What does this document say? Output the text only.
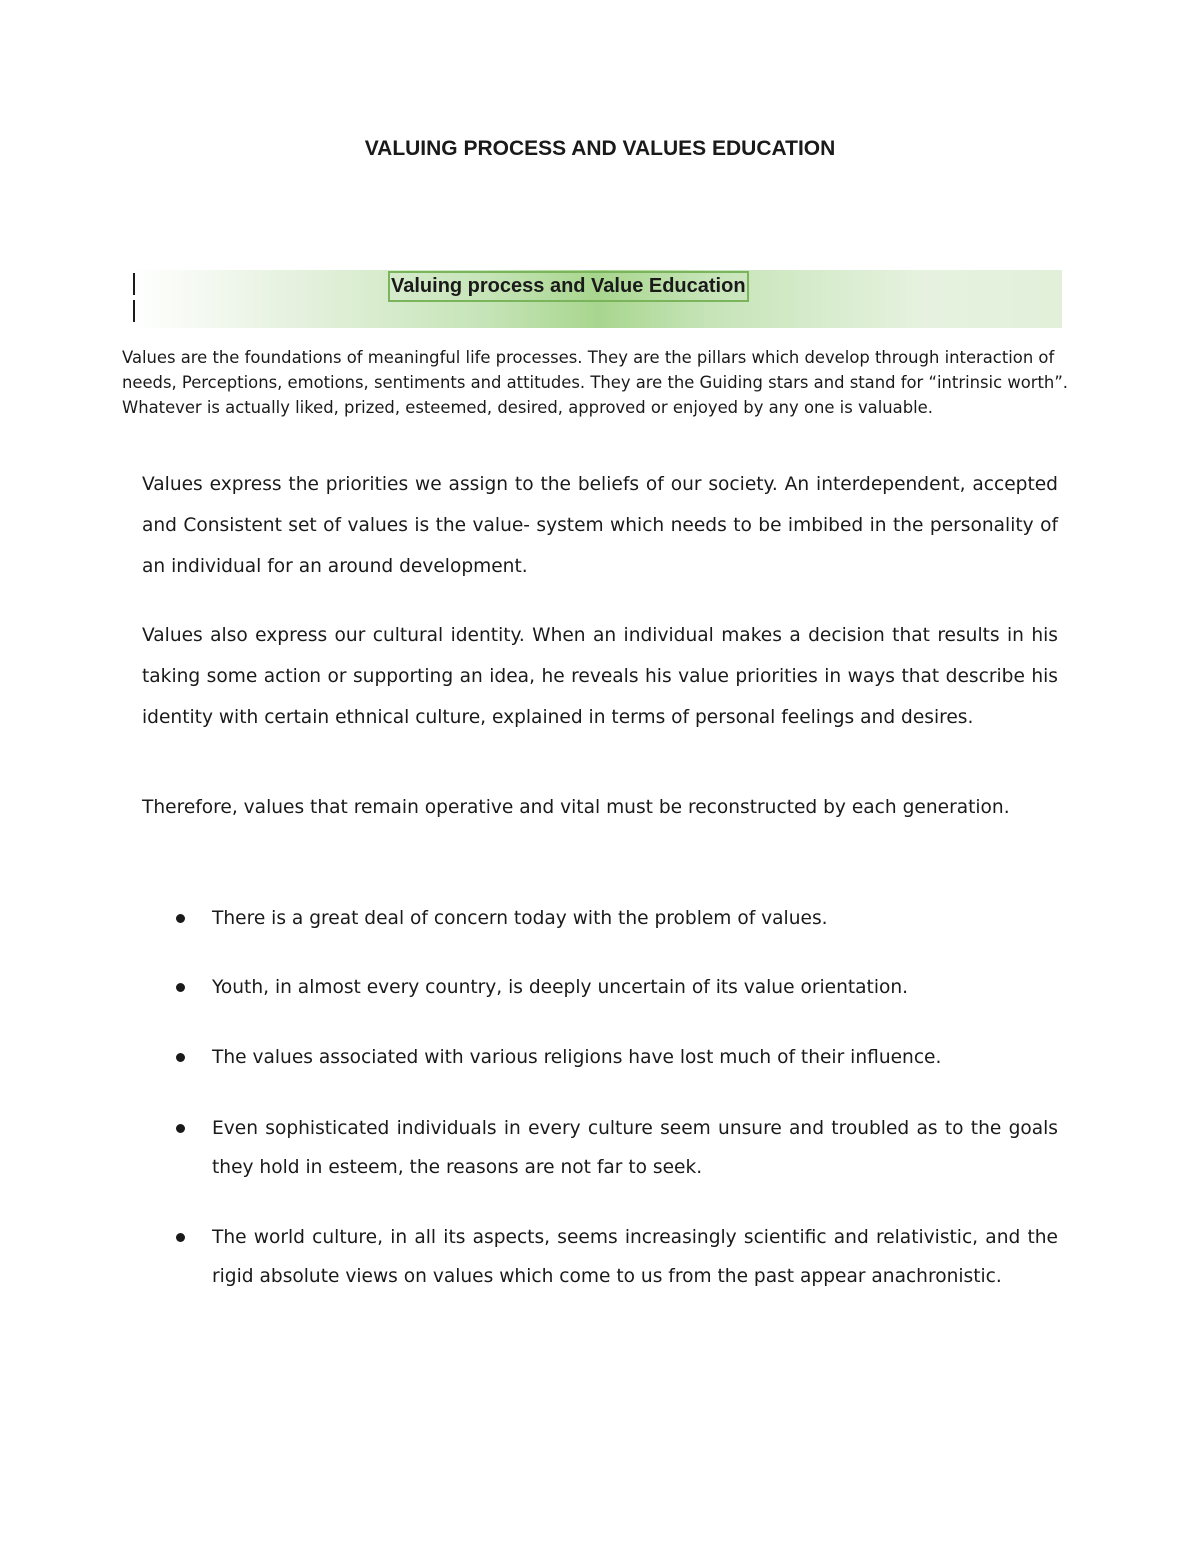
VALUING PROCESS AND VALUES EDUCATION
Valuing process and Value Education

Values are the foundations of meaningful life processes. They are the pillars which develop through interaction of needs, Perceptions, emotions, sentiments and attitudes. They are the Guiding stars and stand for “intrinsic worth”. Whatever is actually liked, prized, esteemed, desired, approved or enjoyed by any one is valuable.

Values express the priorities we assign to the beliefs of our society. An interdependent, accepted and Consistent set of values is the value- system which needs to be imbibed in the personality of an individual for an around development.

Values also express our cultural identity. When an individual makes a decision that results in his taking some action or supporting an idea, he reveals his value priorities in ways that describe his identity with certain ethnical culture, explained in terms of personal feelings and desires.

Therefore, values that remain operative and vital must be reconstructed by each generation.

There is a great deal of concern today with the problem of values.
Youth, in almost every country, is deeply uncertain of its value orientation.
The values associated with various religions have lost much of their influence.
Even sophisticated individuals in every culture seem unsure and troubled as to the goals they hold in esteem, the reasons are not far to seek.
The world culture, in all its aspects, seems increasingly scientific and relativistic, and the rigid absolute views on values which come to us from the past appear anachronistic.
